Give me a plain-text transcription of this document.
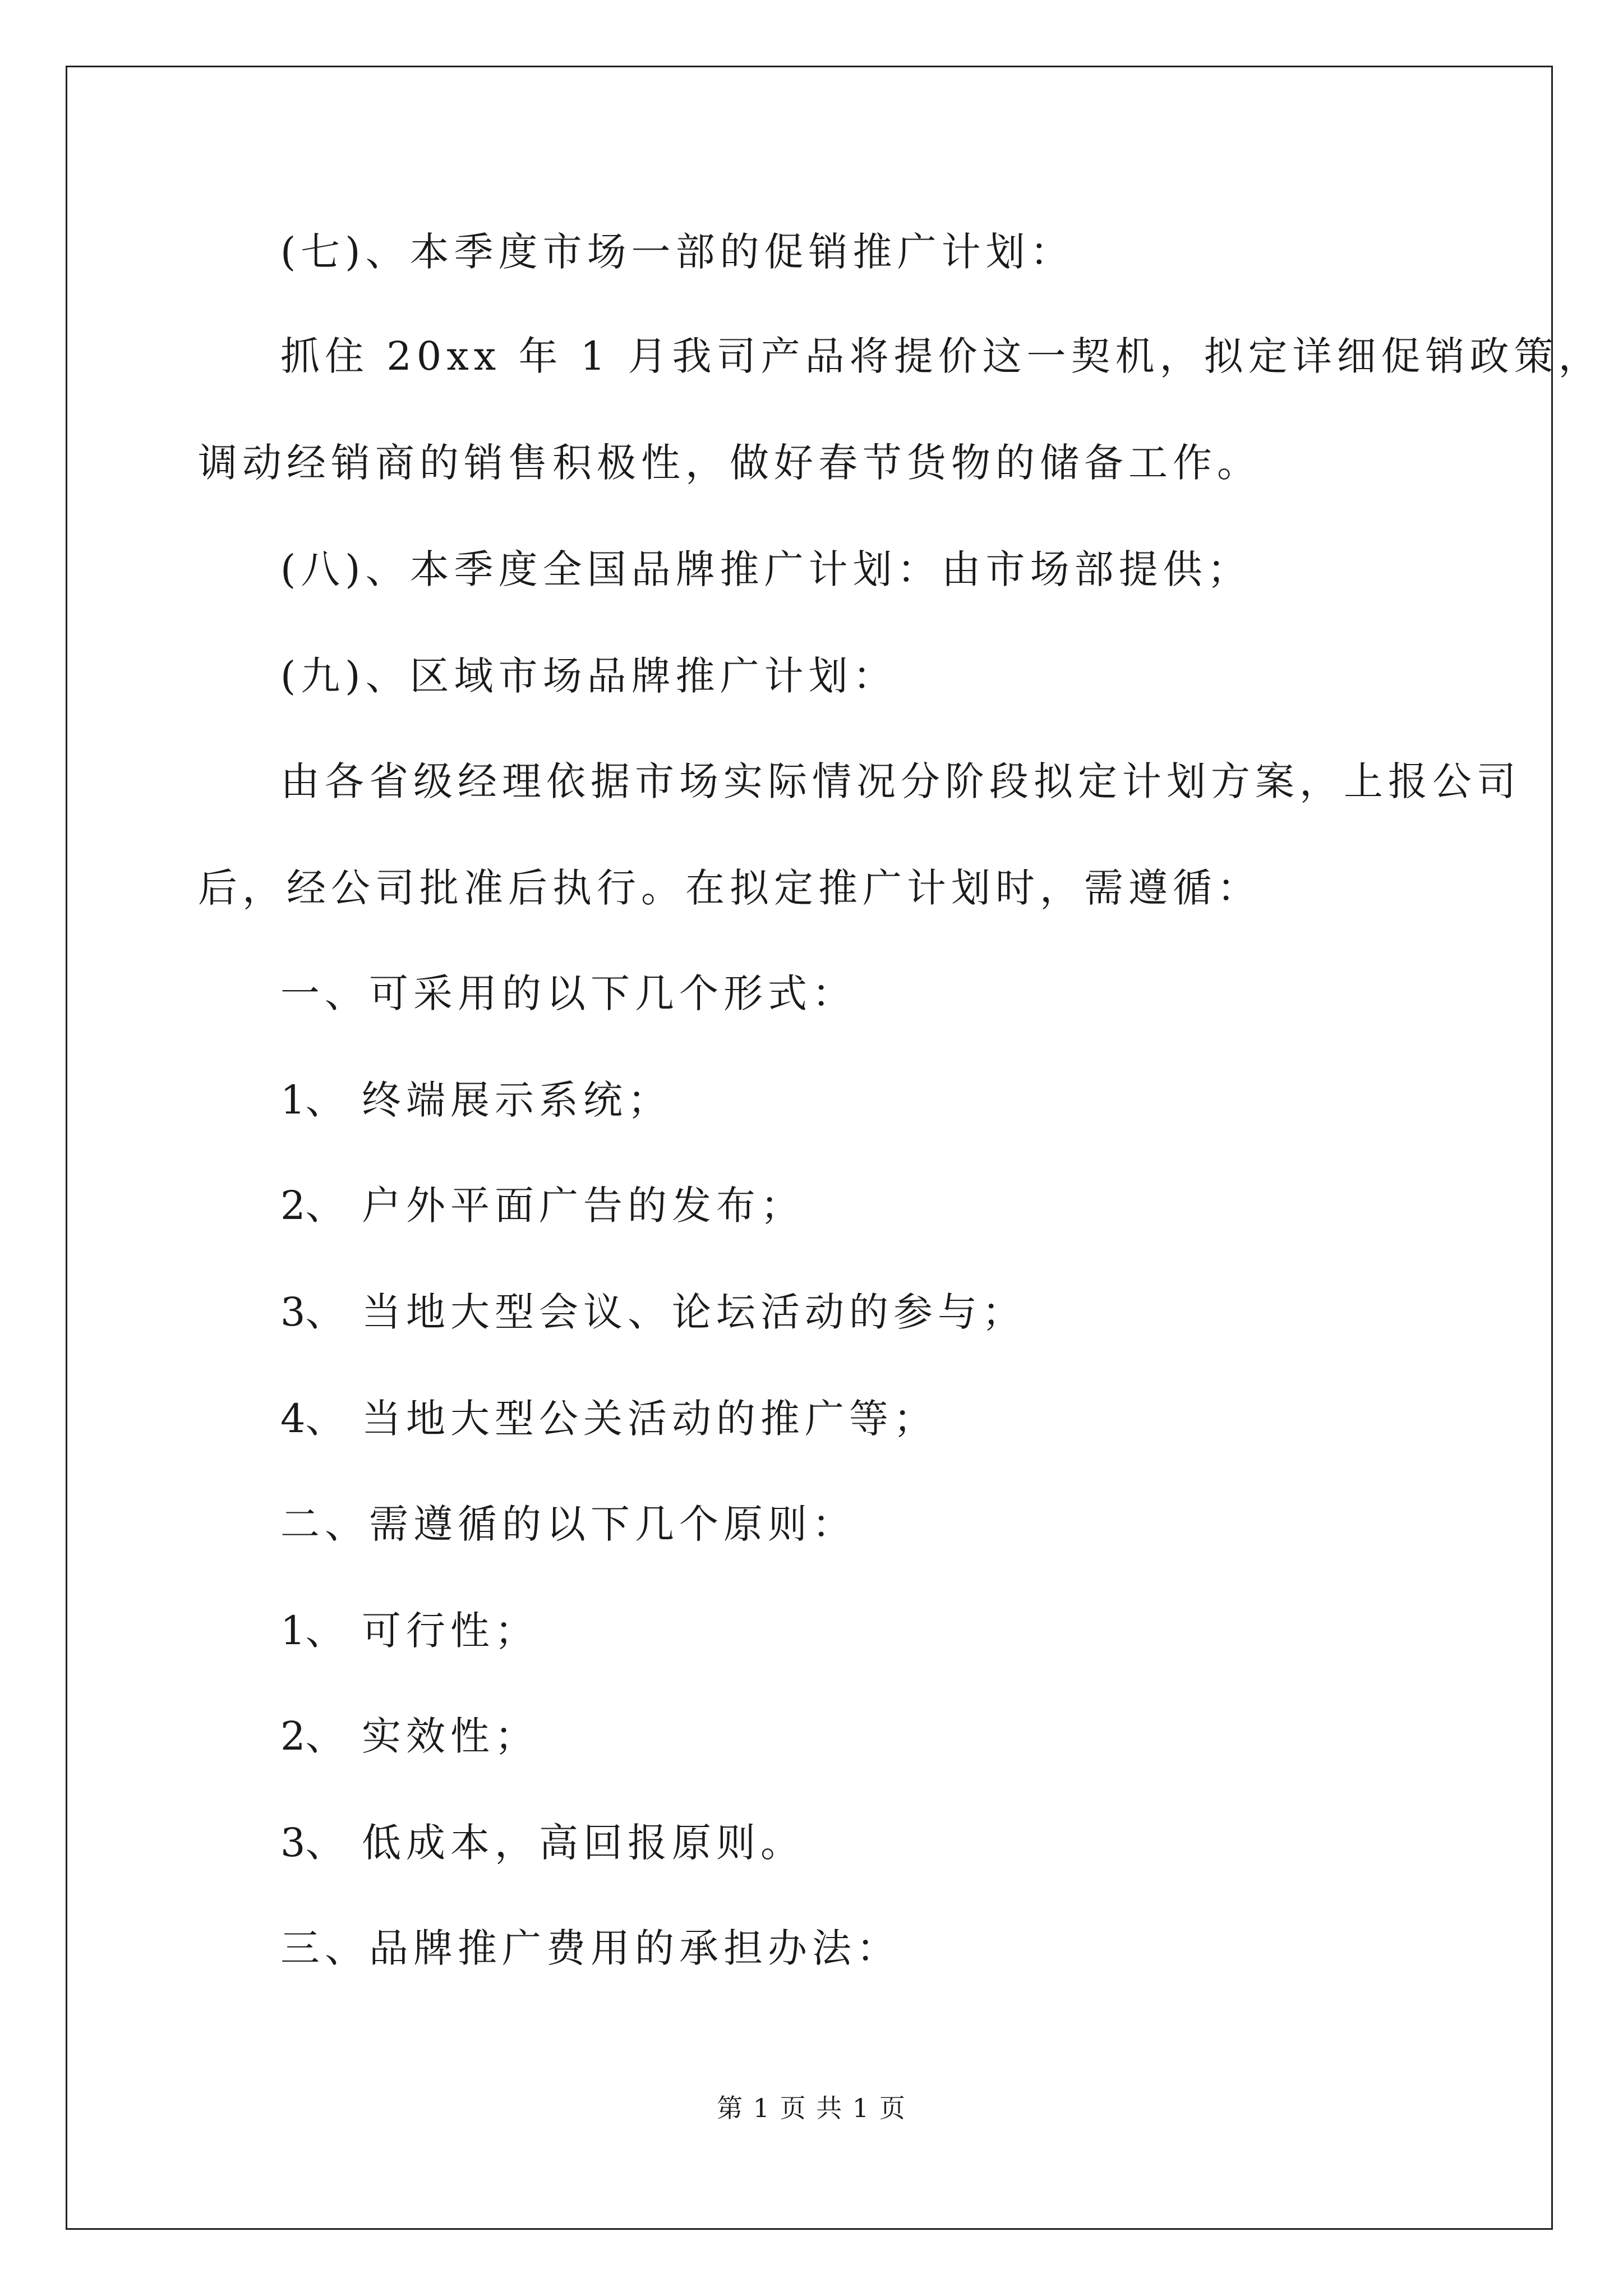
(七)、本季度市场一部的促销推广计划：
抓住 20xx 年 1 月我司产品将提价这一契机，拟定详细促销政策，
调动经销商的销售积极性，做好春节货物的储备工作。
(八)、本季度全国品牌推广计划：由市场部提供；
(九)、区域市场品牌推广计划：
由各省级经理依据市场实际情况分阶段拟定计划方案，上报公司
后，经公司批准后执行。在拟定推广计划时，需遵循：
一、可采用的以下几个形式：
1、 终端展示系统；
2、 户外平面广告的发布；
3、 当地大型会议、论坛活动的参与；
4、 当地大型公关活动的推广等；
二、需遵循的以下几个原则：
1、 可行性；
2、 实效性；
3、 低成本，高回报原则。
三、品牌推广费用的承担办法：
第 1 页 共 1 页
